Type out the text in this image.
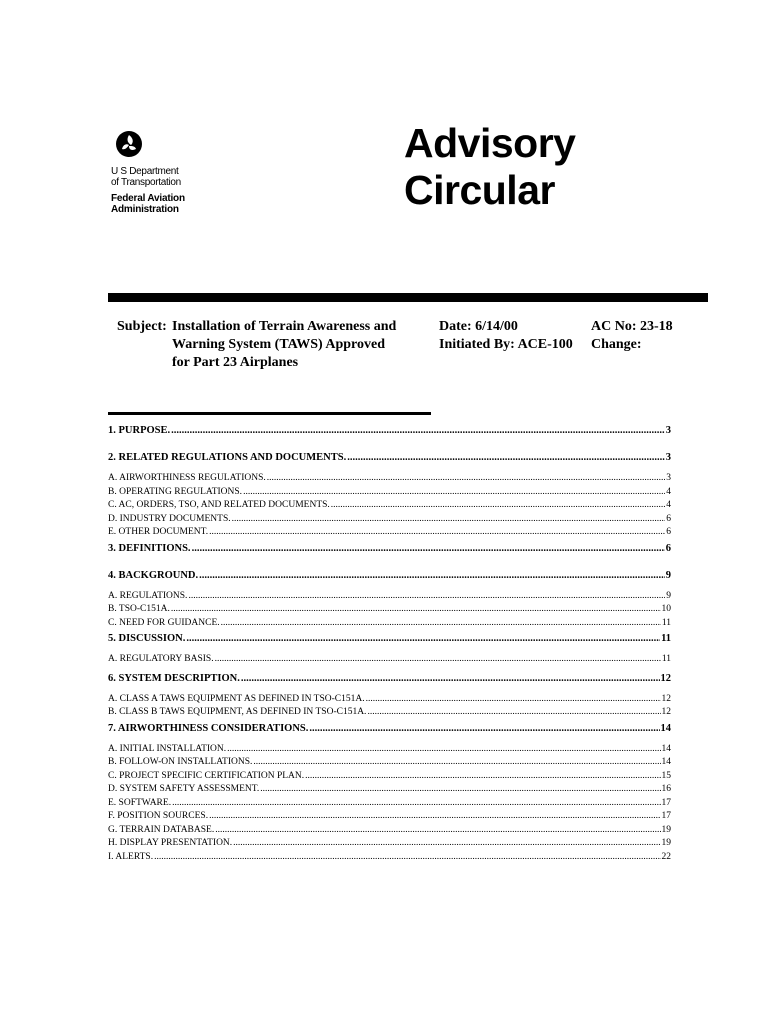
U S Department
of Transportation
Federal Aviation
Administration
Advisory
Circular
Subject: Installation of Terrain Awareness and
Warning System (TAWS) Approved
for Part 23 Airplanes
Date: 6/14/00
Initiated By: ACE-100
AC No: 23-18
Change:
1. PURPOSE. .....	3
2. RELATED REGULATIONS AND DOCUMENTS. .....	3
A. AIRWORTHINESS REGULATIONS. .....	3
B. OPERATING REGULATIONS. .....	4
C. AC, ORDERS, TSO, AND RELATED DOCUMENTS. .....	4
D. INDUSTRY DOCUMENTS. .....	6
E. OTHER DOCUMENT. .....	6
3. DEFINITIONS. .....	6
4. BACKGROUND. .....	9
A. REGULATIONS. .....	9
B. TSO-C151A. .....	10
C. NEED FOR GUIDANCE. .....	11
5. DISCUSSION. .....	11
A. REGULATORY BASIS. .....	11
6. SYSTEM DESCRIPTION. .....	12
A. CLASS A TAWS EQUIPMENT AS DEFINED IN TSO-C151A. .....	12
B. CLASS B TAWS EQUIPMENT, AS DEFINED IN TSO-C151A. .....	12
7. AIRWORTHINESS CONSIDERATIONS. .....	14
A. INITIAL INSTALLATION. .....	14
B. FOLLOW-ON INSTALLATIONS. .....	14
C. PROJECT SPECIFIC CERTIFICATION PLAN. .....	15
D. SYSTEM SAFETY ASSESSMENT. .....	16
E. SOFTWARE. .....	17
F. POSITION SOURCES. .....	17
G. TERRAIN DATABASE. .....	19
H. DISPLAY PRESENTATION. .....	19
I. ALERTS. .....	22
